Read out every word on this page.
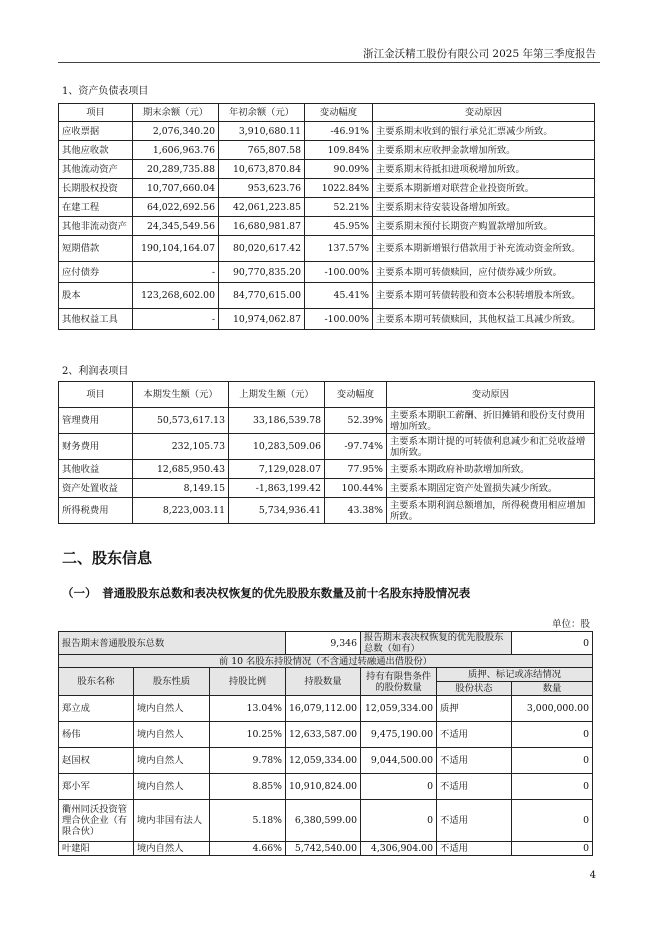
浙江金沃精工股份有限公司 2025 年第三季度报告
1、资产负债表项目
项目	期末余额（元）	年初余额（元）	变动幅度	变动原因
应收票据	2,076,340.20	3,910,680.11	-46.91%	主要系期末收到的银行承兑汇票减少所致。
其他应收款	1,606,963.76	765,807.58	109.84%	主要系期末应收押金款增加所致。
其他流动资产	20,289,735.88	10,673,870.84	90.09%	主要系期末待抵扣进项税增加所致。
长期股权投资	10,707,660.04	953,623.76	1022.84%	主要系本期新增对联营企业投资所致。
在建工程	64,022,692.56	42,061,223.85	52.21%	主要系期末待安装设备增加所致。
其他非流动资产	24,345,549.56	16,680,981.87	45.95%	主要系期末预付长期资产购置款增加所致。
短期借款	190,104,164.07	80,020,617.42	137.57%	主要系本期新增银行借款用于补充流动资金所致。
应付债券	-	90,770,835.20	-100.00%	主要系本期可转债赎回，应付债券减少所致。
股本	123,268,602.00	84,770,615.00	45.41%	主要系本期可转债转股和资本公积转增股本所致。
其他权益工具	-	10,974,062.87	-100.00%	主要系本期可转债赎回，其他权益工具减少所致。
2、利润表项目
项目	本期发生额（元）	上期发生额（元）	变动幅度	变动原因
管理费用	50,573,617.13	33,186,539.78	52.39%	主要系本期职工薪酬、折旧摊销和股份支付费用增加所致。
财务费用	232,105.73	10,283,509.06	-97.74%	主要系本期计提的可转债利息减少和汇兑收益增加所致。
其他收益	12,685,950.43	7,129,028.07	77.95%	主要系本期政府补助款增加所致。
资产处置收益	8,149.15	-1,863,199.42	100.44%	主要系本期固定资产处置损失减少所致。
所得税费用	8,223,003.11	5,734,936.41	43.38%	主要系本期利润总额增加，所得税费用相应增加所致。
二、股东信息
（一）　普通股股东总数和表决权恢复的优先股股东数量及前十名股东持股情况表
单位：股
报告期末普通股股东总数			9,346	报告期末表决权恢复的优先股股东总数（如有）		0
前 10 名股东持股情况（不含通过转融通出借股份）						
股东名称	股东性质	持股比例	持股数量	持有有限售条件的股份数量	质押、标记或冻结情况	
					股份状态	数量
郑立成	境内自然人	13.04%	16,079,112.00	12,059,334.00	质押	3,000,000.00
杨伟	境内自然人	10.25%	12,633,587.00	9,475,190.00	不适用	0
赵国权	境内自然人	9.78%	12,059,334.00	9,044,500.00	不适用	0
郑小军	境内自然人	8.85%	10,910,824.00	0	不适用	0
衢州同沃投资管理合伙企业（有限合伙）	境内非国有法人	5.18%	6,380,599.00	0	不适用	0
叶建阳	境内自然人	4.66%	5,742,540.00	4,306,904.00	不适用	0
4
